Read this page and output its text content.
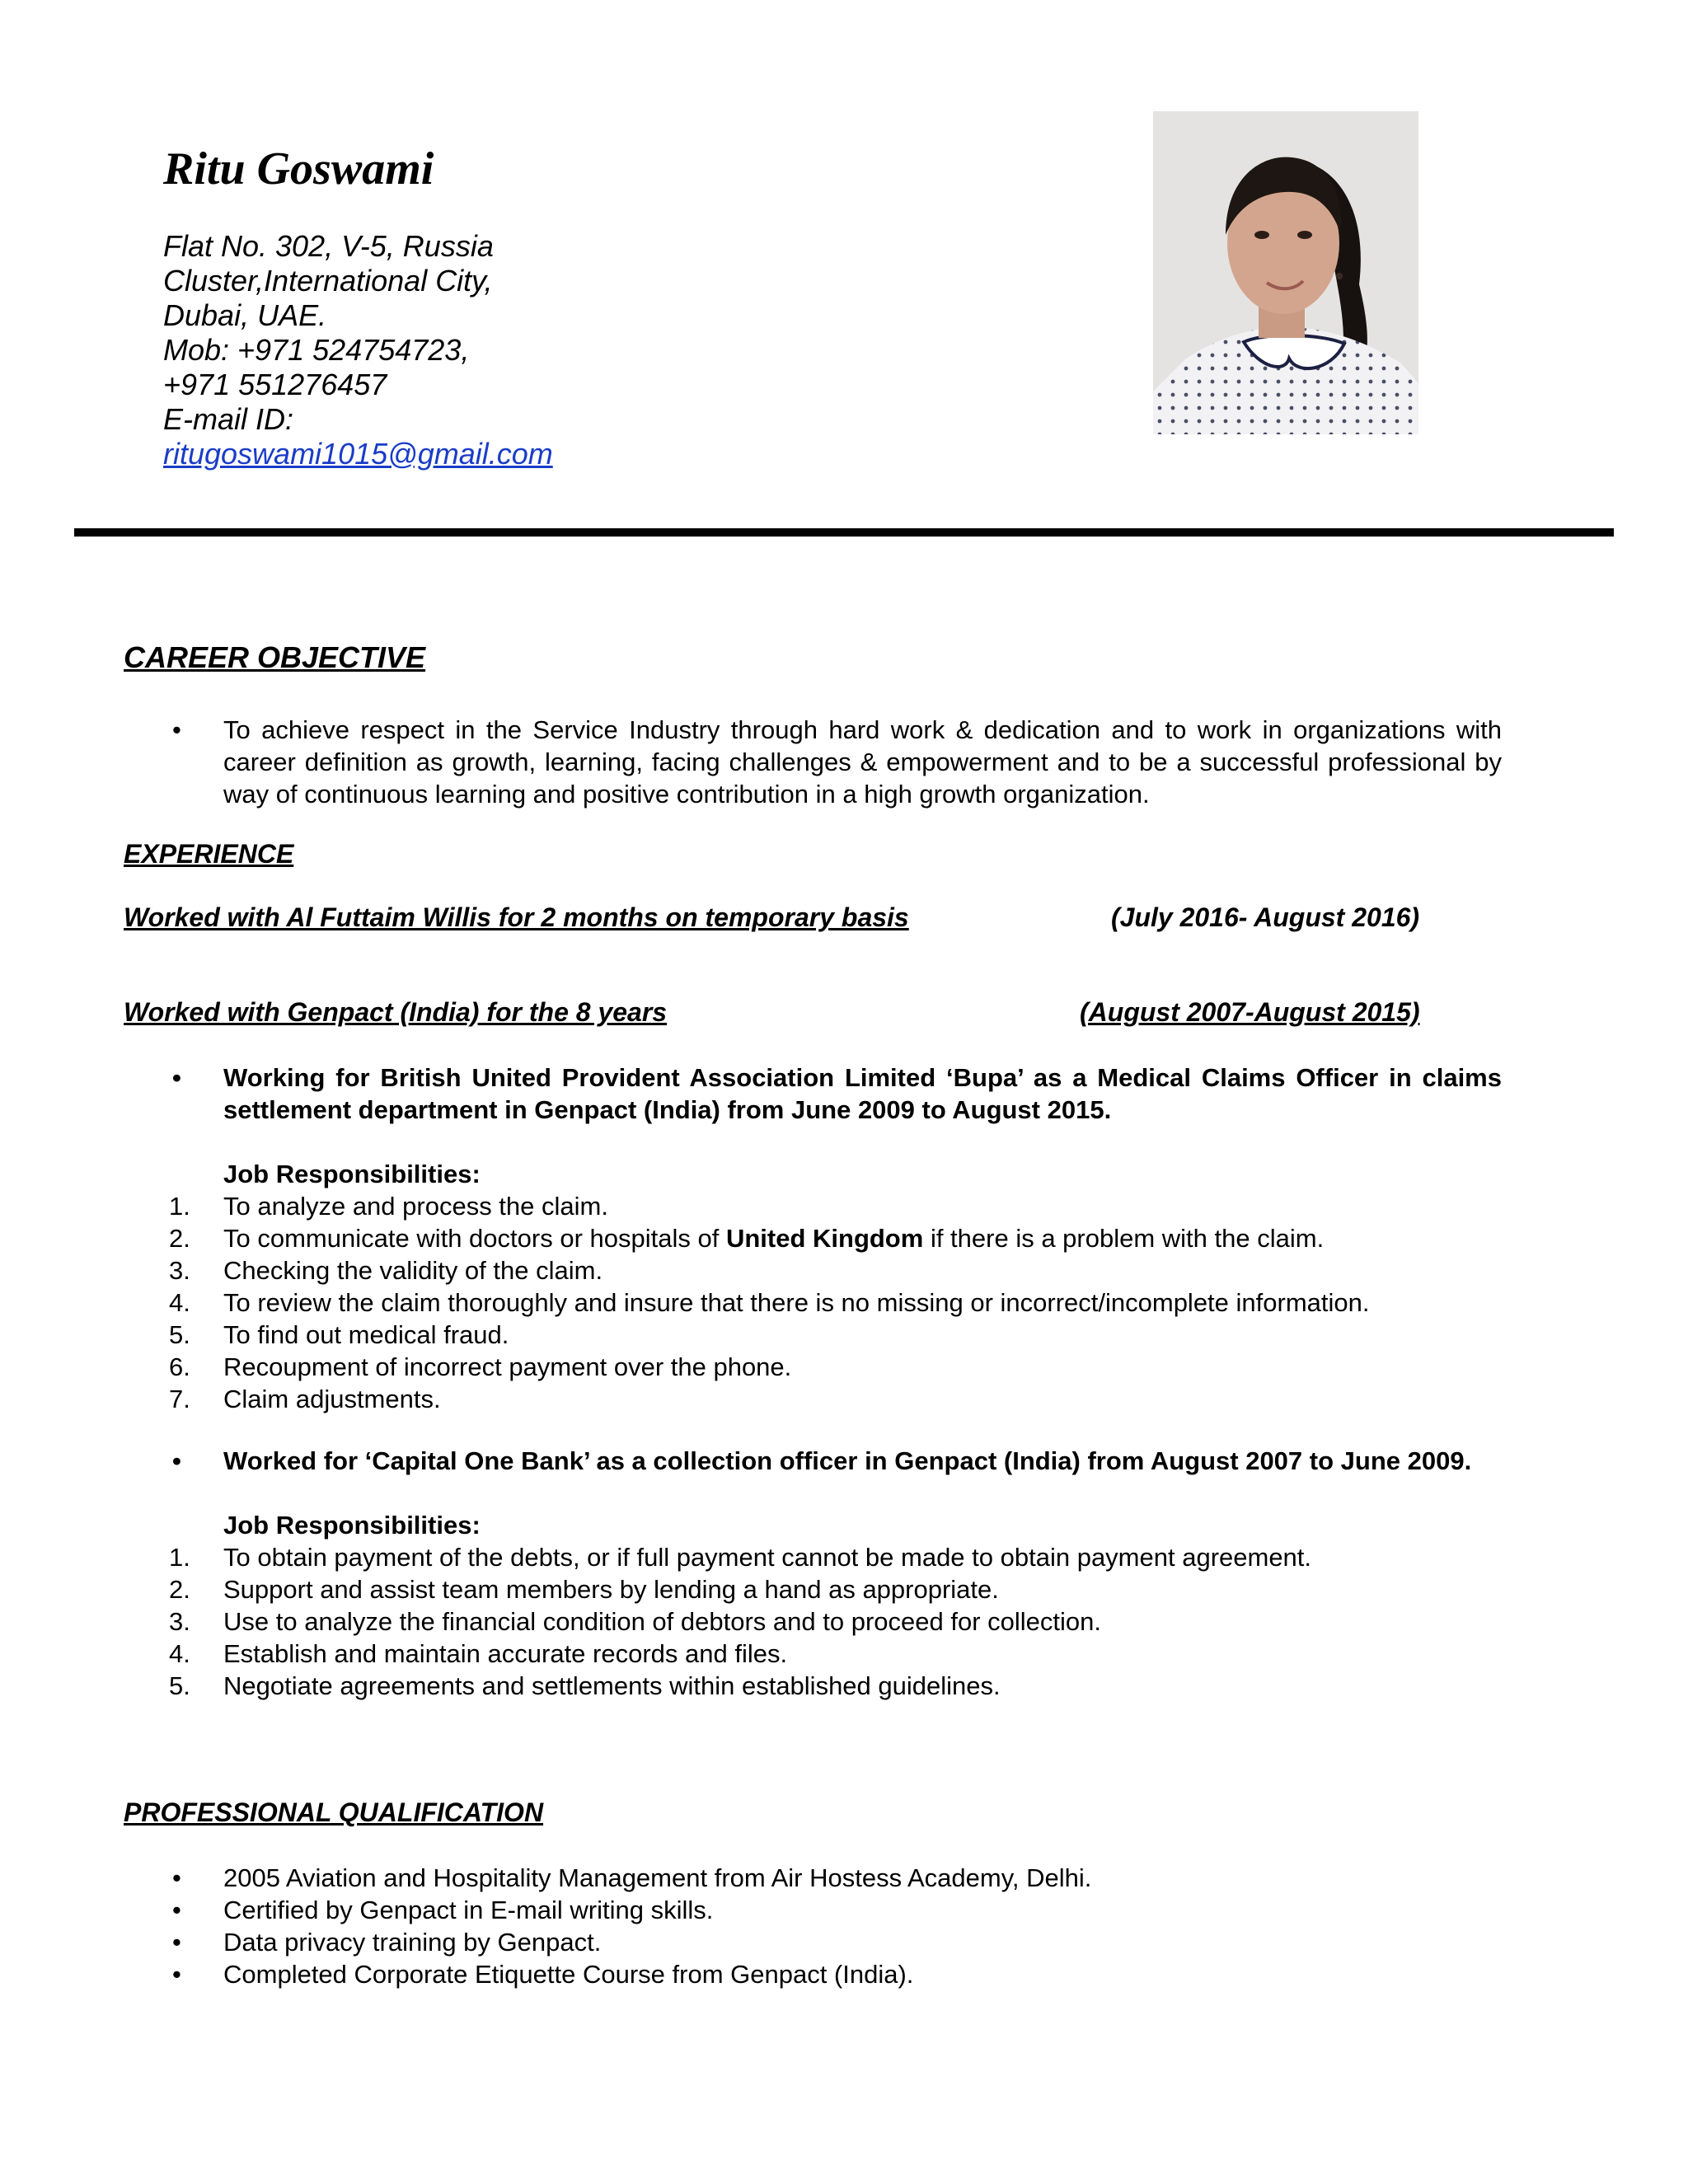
Ritu Goswami
Flat No. 302, V-5, Russia
Cluster,International City,
Dubai, UAE.
Mob: +971 524754723,
+971 551276457
E-mail ID:
ritugoswami1015@gmail.com
CAREER OBJECTIVE
• To achieve respect in the Service Industry through hard work & dedication and to work in organizations with career definition as growth, learning, facing challenges & empowerment and to be a successful professional by way of continuous learning and positive contribution in a high growth organization.
EXPERIENCE
Worked with Al Futtaim Willis for 2 months on temporary basis	(July 2016- August 2016)
Worked with Genpact (India) for the 8 years	(August 2007-August 2015)
• Working for British United Provident Association Limited ‘Bupa’ as a Medical Claims Officer in claims settlement department in Genpact (India) from June 2009 to August 2015.
Job Responsibilities:
1. To analyze and process the claim.
2. To communicate with doctors or hospitals of United Kingdom if there is a problem with the claim.
3. Checking the validity of the claim.
4. To review the claim thoroughly and insure that there is no missing or incorrect/incomplete information.
5. To find out medical fraud.
6. Recoupment of incorrect payment over the phone.
7. Claim adjustments.
• Worked for ‘Capital One Bank’ as a collection officer in Genpact (India) from August 2007 to June 2009.
Job Responsibilities:
1. To obtain payment of the debts, or if full payment cannot be made to obtain payment agreement.
2. Support and assist team members by lending a hand as appropriate.
3. Use to analyze the financial condition of debtors and to proceed for collection.
4. Establish and maintain accurate records and files.
5. Negotiate agreements and settlements within established guidelines.
PROFESSIONAL QUALIFICATION
• 2005 Aviation and Hospitality Management from Air Hostess Academy, Delhi.
• Certified by Genpact in E-mail writing skills.
• Data privacy training by Genpact.
• Completed Corporate Etiquette Course from Genpact (India).
